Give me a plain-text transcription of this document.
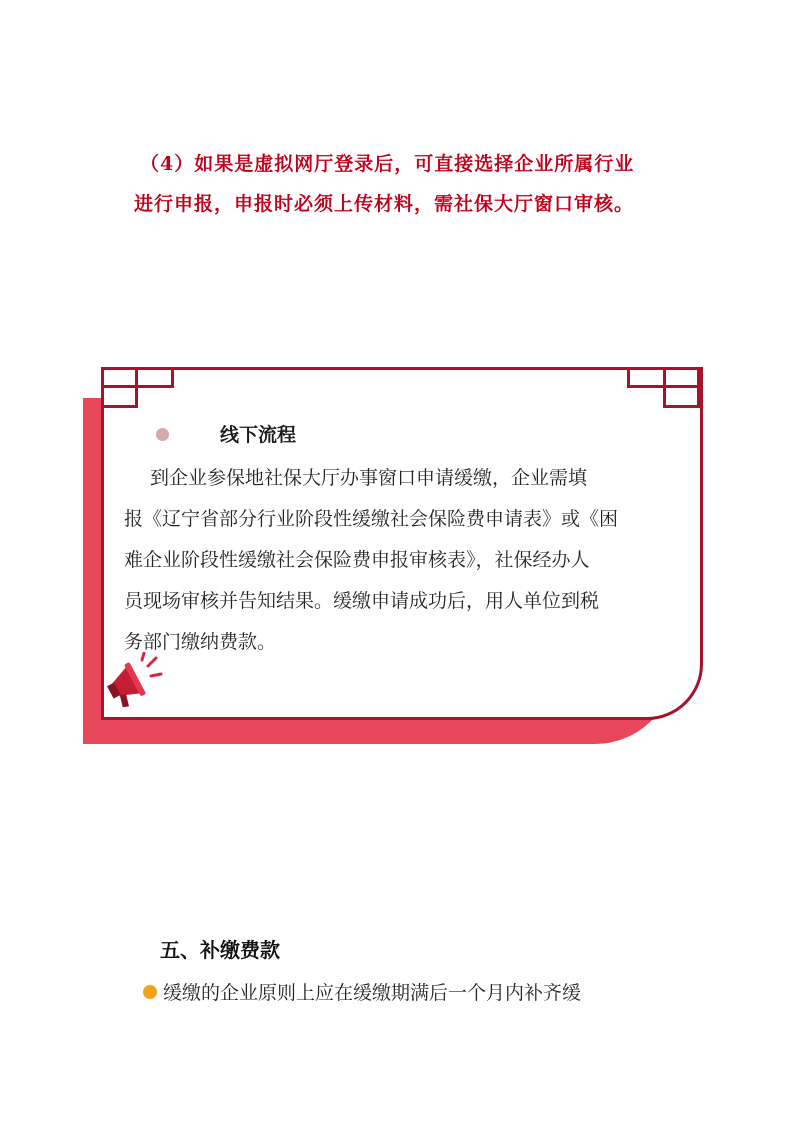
（4）如果是虚拟网厅登录后，可直接选择企业所属行业

进行申报，申报时必须上传材料，需社保大厅窗口审核。

线下流程

到企业参保地社保大厅办事窗口申请缓缴，企业需填

报《辽宁省部分行业阶段性缓缴社会保险费申请表》或《困

难企业阶段性缓缴社会保险费申报审核表》，社保经办人

员现场审核并告知结果。缓缴申请成功后，用人单位到税

务部门缴纳费款。

五、补缴费款
缓缴的企业原则上应在缓缴期满后一个月内补齐缓
